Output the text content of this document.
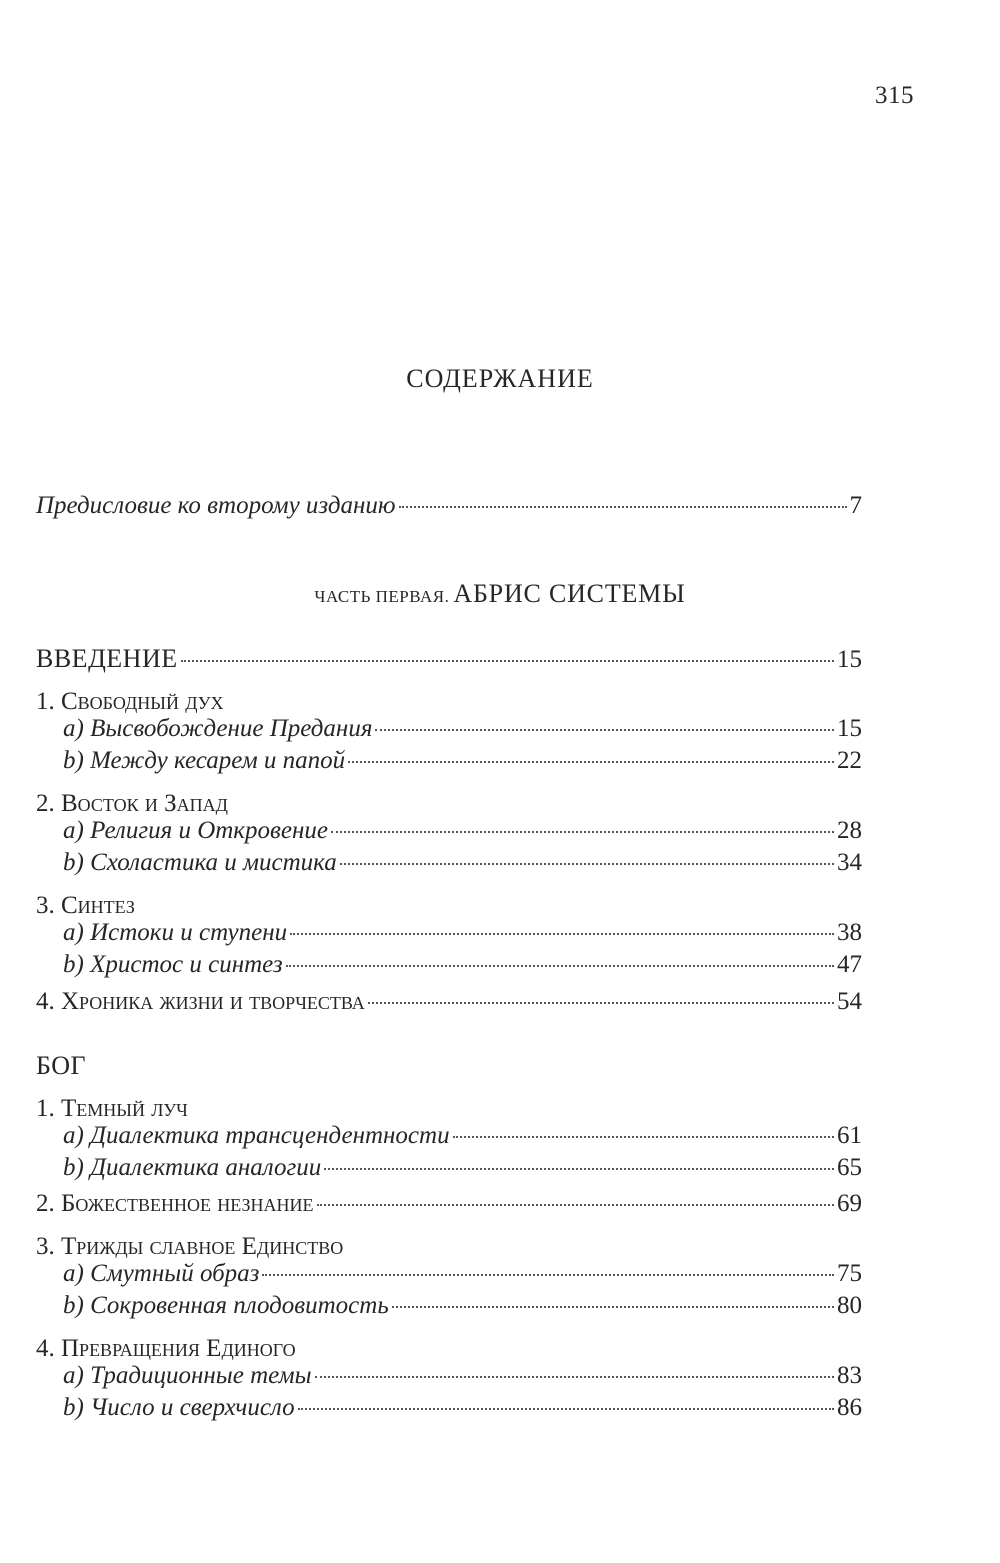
315
СОДЕРЖАНИЕ
Предисловие ко второму изданию	7
ЧАСТЬ ПЕРВАЯ. АБРИС СИСТЕМЫ
ВВЕДЕНИЕ	15
1. Свободный дух
a) Высвобождение Предания	15
b) Между кесарем и папой	22
2. Восток и Запад
a) Религия и Откровение	28
b) Схоластика и мистика	34
3. Синтез
a) Истоки и ступени	38
b) Христос и синтез	47
4. Хроника жизни и творчества	54
БОГ
1. Темный луч
a) Диалектика трансцендентности	61
b) Диалектика аналогии	65
2. Божественное незнание	69
3. Трижды славное Единство
a) Смутный образ	75
b) Сокровенная плодовитость	80
4. Превращения Единого
a) Традиционные темы	83
b) Число и сверхчисло	86
